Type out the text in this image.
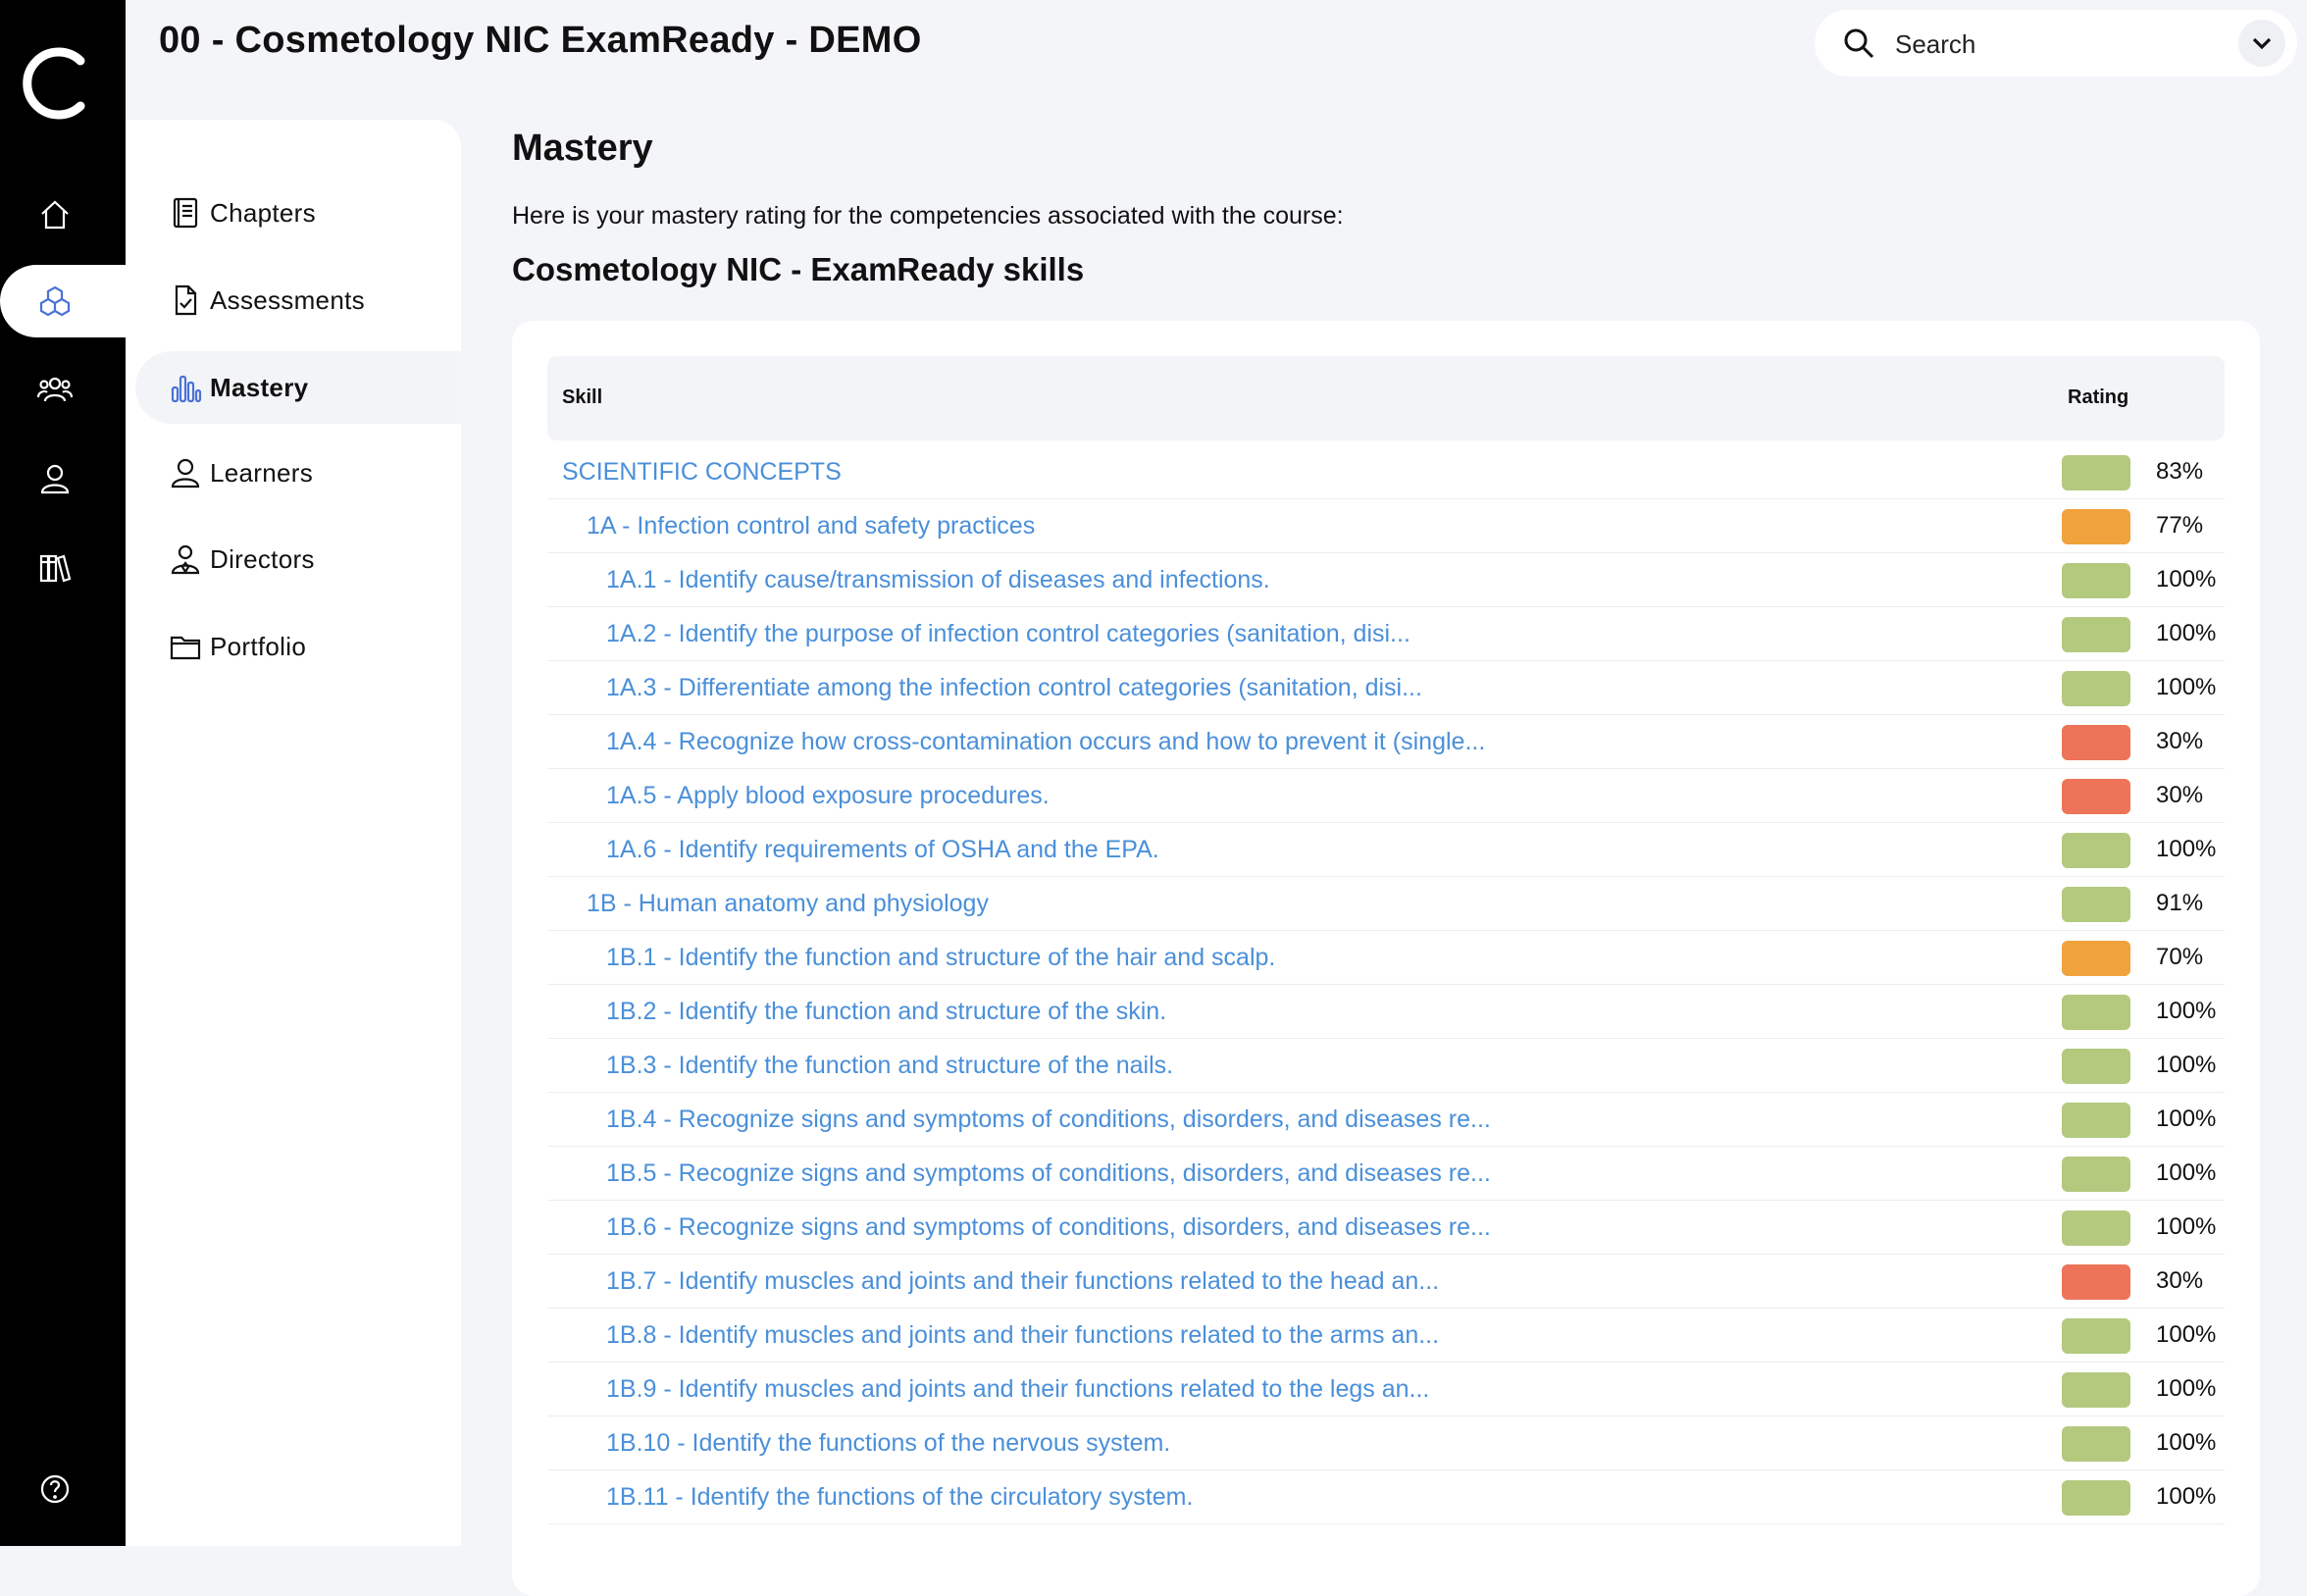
00 - Cosmetology NIC ExamReady - DEMO
Search
Chapters
Assessments
Mastery
Learners
Directors
Portfolio
Mastery
Here is your mastery rating for the competencies associated with the course:
Cosmetology NIC - ExamReady skills
Skill	Rating
SCIENTIFIC CONCEPTS	83%
1A - Infection control and safety practices	77%
1A.1 - Identify cause/transmission of diseases and infections.	100%
1A.2 - Identify the purpose of infection control categories (sanitation, disi...	100%
1A.3 - Differentiate among the infection control categories (sanitation, disi...	100%
1A.4 - Recognize how cross-contamination occurs and how to prevent it (single...	30%
1A.5 - Apply blood exposure procedures.	30%
1A.6 - Identify requirements of OSHA and the EPA.	100%
1B - Human anatomy and physiology	91%
1B.1 - Identify the function and structure of the hair and scalp.	70%
1B.2 - Identify the function and structure of the skin.	100%
1B.3 - Identify the function and structure of the nails.	100%
1B.4 - Recognize signs and symptoms of conditions, disorders, and diseases re...	100%
1B.5 - Recognize signs and symptoms of conditions, disorders, and diseases re...	100%
1B.6 - Recognize signs and symptoms of conditions, disorders, and diseases re...	100%
1B.7 - Identify muscles and joints and their functions related to the head an...	30%
1B.8 - Identify muscles and joints and their functions related to the arms an...	100%
1B.9 - Identify muscles and joints and their functions related to the legs an...	100%
1B.10 - Identify the functions of the nervous system.	100%
1B.11 - Identify the functions of the circulatory system.	100%
